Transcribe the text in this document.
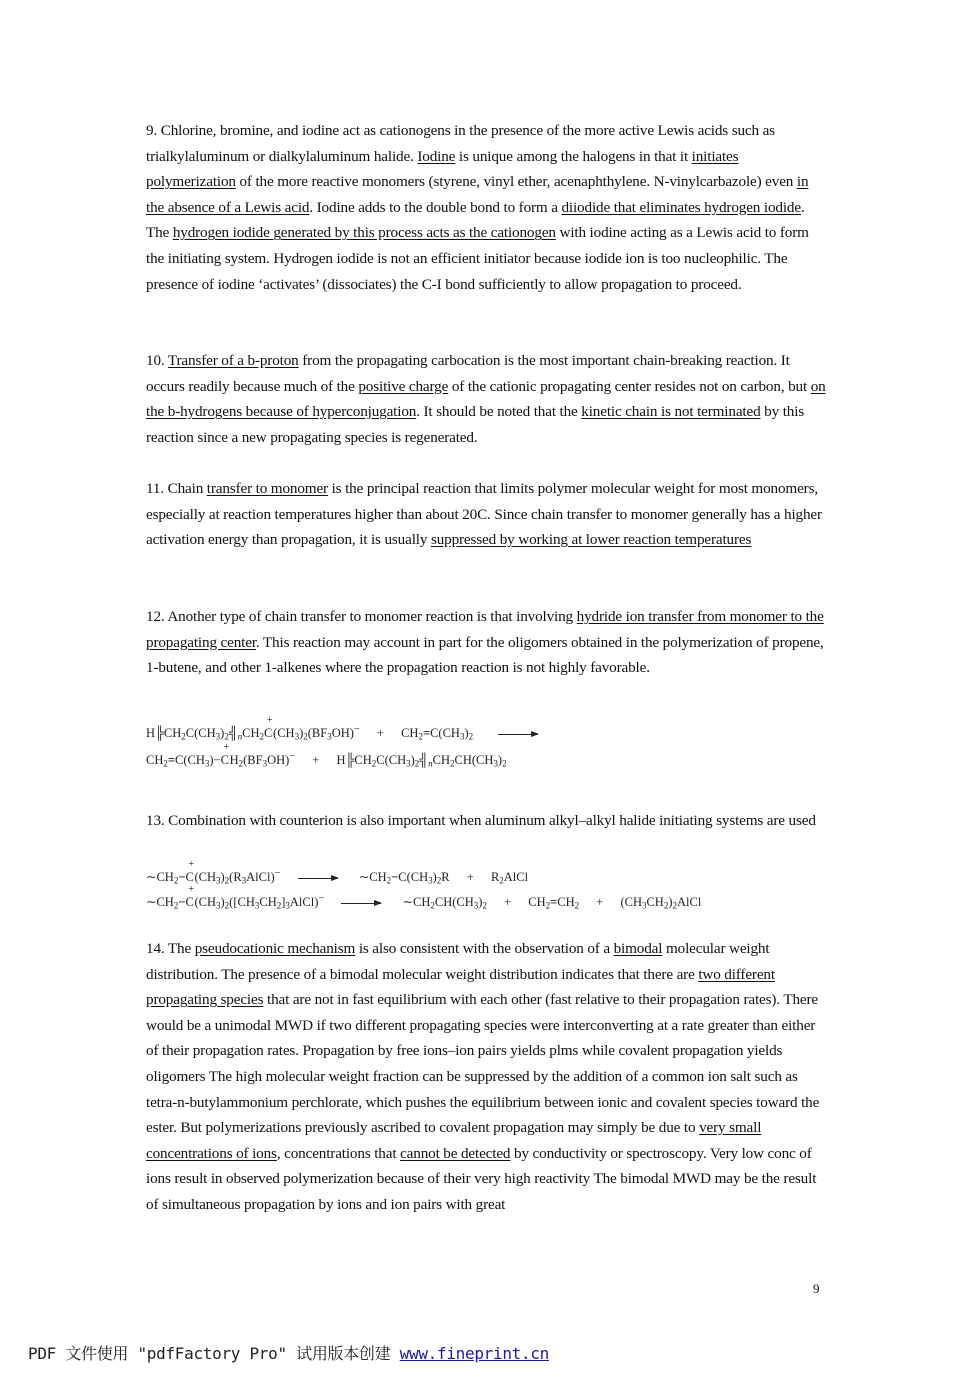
9. Chlorine, bromine, and iodine act as cationogens in the presence of the more active Lewis acids such as trialkylaluminum or dialkylaluminum halide. Iodine is unique among the halogens in that it initiates polymerization of the more reactive monomers (styrene, vinyl ether, acenaphthylene. N-vinylcarbazole) even in the absence of a Lewis acid. Iodine adds to the double bond to form a diiodide that eliminates hydrogen iodide. The hydrogen iodide generated by this process acts as the cationogen with iodine acting as a Lewis acid to form the initiating system. Hydrogen iodide is not an efficient initiator because iodide ion is too nucleophilic. The presence of iodine ‘activates’ (dissociates) the C-I bond sufficiently to allow propagation to proceed.

10. Transfer of a b-proton from the propagating carbocation is the most important chain-breaking reaction. It occurs readily because much of the positive charge of the cationic propagating center resides not on carbon, but on the b-hydrogens because of hyperconjugation. It should be noted that the kinetic chain is not terminated by this reaction since a new propagating species is regenerated.

11. Chain transfer to monomer is the principal reaction that limits polymer molecular weight for most monomers, especially at reaction temperatures higher than about 20C. Since chain transfer to monomer generally has a higher activation energy than propagation, it is usually suppressed by working at lower reaction temperatures

12. Another type of chain transfer to monomer reaction is that involving hydride ion transfer from monomer to the propagating center. This reaction may account in part for the oligomers obtained in the polymerization of propene, 1-butene, and other 1-alkenes where the propagation reaction is not highly favorable.

$H╠CH_2C(CH_3)_2╣_nCH_2C^+(CH_3)_2(BF_3OH)^- + CH_2=C(CH_3)_2$
$CH_2=C(CH_3)-C^+H_2(BF_3OH)^-$ + $H╠CH_2C(CH_3)_2╣_nCH_2CH(CH_3)_2$

13. Combination with counterion is also important when aluminum alkyl–alkyl halide initiating systems are used

$\sim CH_2-C^+(CH_3)_2(R_3AlCl)^-$ → $\sim CH_2-C(CH_3)_2R$ + $R_2AlCl$
$\sim CH_2-C^+(CH_3)_2([CH_3CH_2]_3AlCl)^-$ → $\sim CH_2CH(CH_3)_2 + CH_2=CH_2$ + $(CH_3CH_2)_2AlCl$

14. The pseudocationic mechanism is also consistent with the observation of a bimodal molecular weight distribution. The presence of a bimodal molecular weight distribution indicates that there are two different propagating species that are not in fast equilibrium with each other (fast relative to their propagation rates). There would be a unimodal MWD if two different propagating species were interconverting at a rate greater than either of their propagation rates. Propagation by free ions–ion pairs yields plms while covalent propagation yields oligomers The high molecular weight fraction can be suppressed by the addition of a common ion salt such as tetra-n-butylammonium perchlorate, which pushes the equilibrium between ionic and covalent species toward the ester. But polymerizations previously ascribed to covalent propagation may simply be due to very small concentrations of ions, concentrations that cannot be detected by conductivity or spectroscopy. Very low conc of ions result in observed polymerization because of their very high reactivity The bimodal MWD may be the result of simultaneous propagation by ions and ion pairs with great

9
PDF 文件使用 "pdfFactory Pro" 试用版本创建 www.fineprint.cn
